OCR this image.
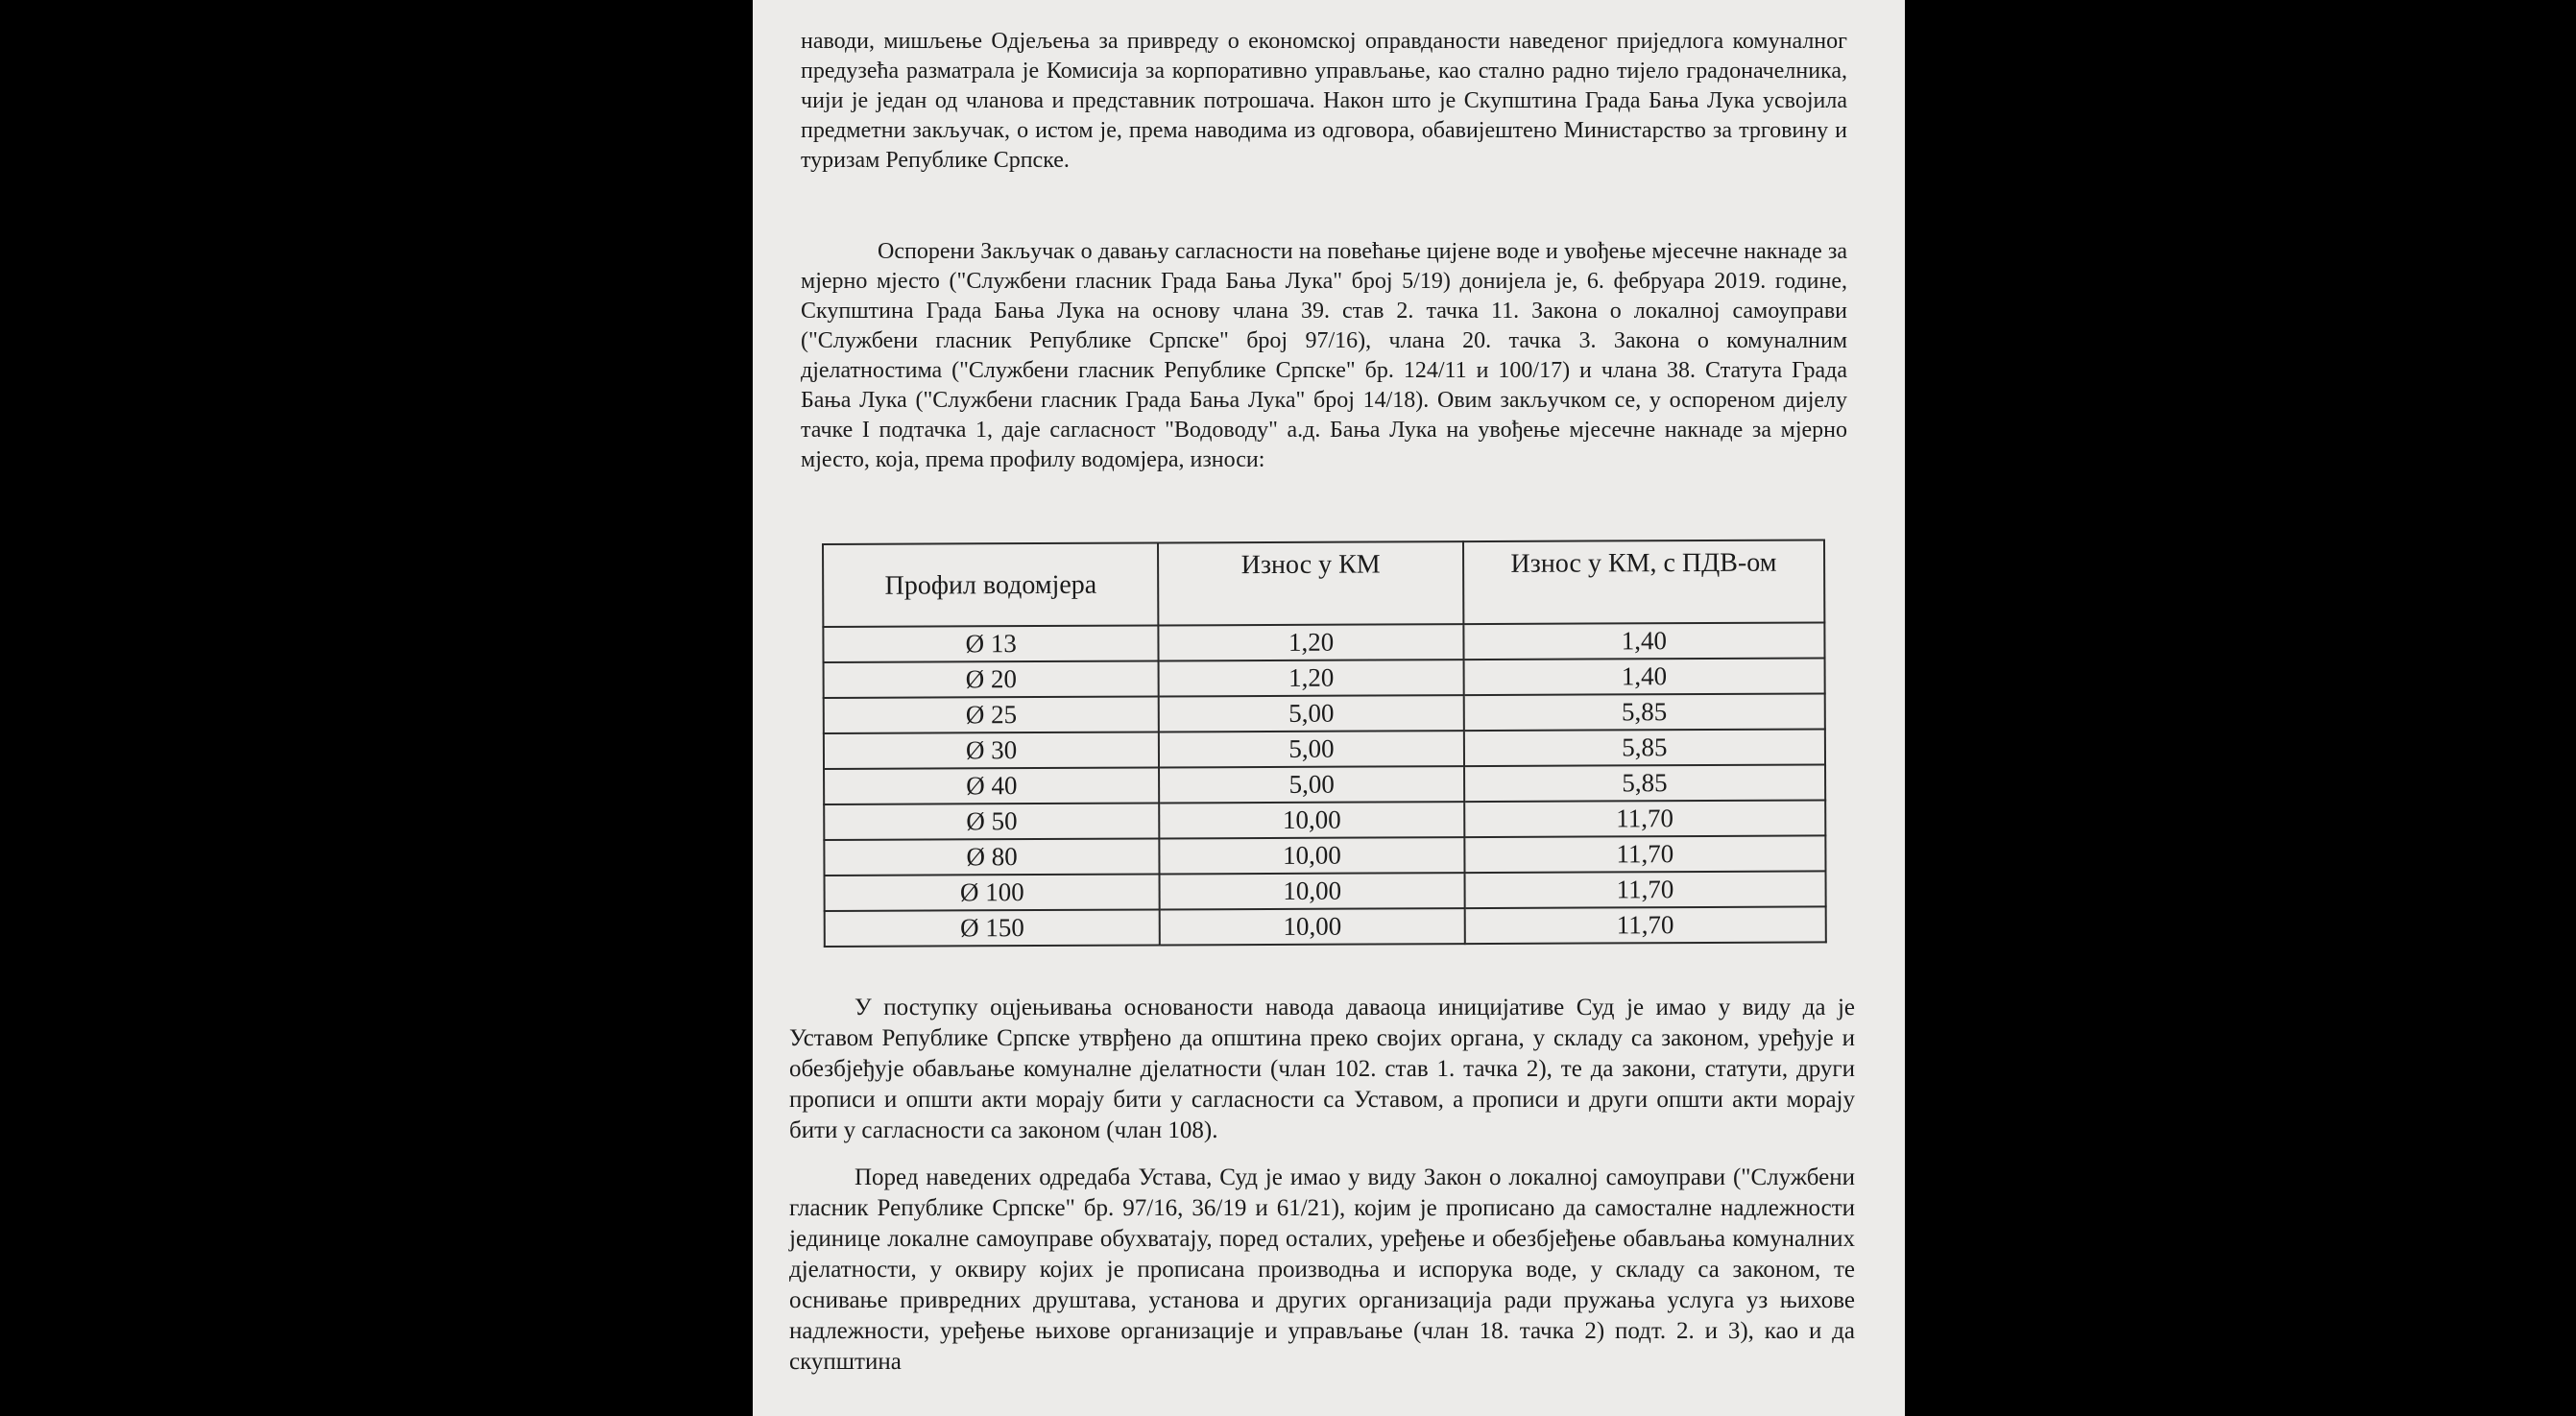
наводи, мишљење Одјељења за привреду о економској оправданости наведеног приједлога комуналног предузећа разматрала је Комисија за корпоративно управљање, као стално радно тијело градоначелника, чији је један од чланова и представник потрошача. Након што је Скупштина Града Бања Лука усвојила предметни закључак, о истом је, према наводима из одговора, обавијештено Министарство за трговину и туризам Републике Српске.

Оспорени Закључак о давању сагласности на повећање цијене воде и увођење мјесечне накнаде за мјерно мјесто ("Службени гласник Града Бања Лука" број 5/19) донијела је, 6. фебруара 2019. године, Скупштина Града Бања Лука на основу члана 39. став 2. тачка 11. Закона о локалној самоуправи ("Службени гласник Републике Српске" број 97/16), члана 20. тачка 3. Закона о комуналним дјелатностима ("Службени гласник Републике Српске" бр. 124/11 и 100/17) и члана 38. Статута Града Бања Лука ("Службени гласник Града Бања Лука" број 14/18). Овим закључком се, у оспореном дијелу тачке I подтачка 1, даје сагласност "Водоводу" а.д. Бања Лука на увођење мјесечне накнаде за мјерно мјесто, која, према профилу водомјера, износи:

Профил водомјера	Износ у КМ	Износ у КМ, с ПДВ-ом
Ø 13	1,20	1,40
Ø 20	1,20	1,40
Ø 25	5,00	5,85
Ø 30	5,00	5,85
Ø 40	5,00	5,85
Ø 50	10,00	11,70
Ø 80	10,00	11,70
Ø 100	10,00	11,70
Ø 150	10,00	11,70

У поступку оцјењивања основаности навода даваоца иницијативе Суд је имао у виду да је Уставом Републике Српске утврђено да општина преко својих органа, у складу са законом, уређује и обезбјеђује обављање комуналне дјелатности (члан 102. став 1. тачка 2), те да закони, статути, други прописи и општи акти морају бити у сагласности са Уставом, а прописи и други општи акти морају бити у сагласности са законом (члан 108).

Поред наведених одредаба Устава, Суд је имао у виду Закон о локалној самоуправи ("Службени гласник Републике Српске" бр. 97/16, 36/19 и 61/21), којим је прописано да самосталне надлежности јединице локалне самоуправе обухватају, поред осталих, уређење и обезбјеђење обављања комуналних дјелатности, у оквиру којих је прописана производња и испорука воде, у складу са законом, те оснивање привредних друштава, установа и других организација ради пружања услуга уз њихове надлежности, уређење њихове организације и управљање (члан 18. тачка 2) подт. 2. и 3), као и да скупштина
